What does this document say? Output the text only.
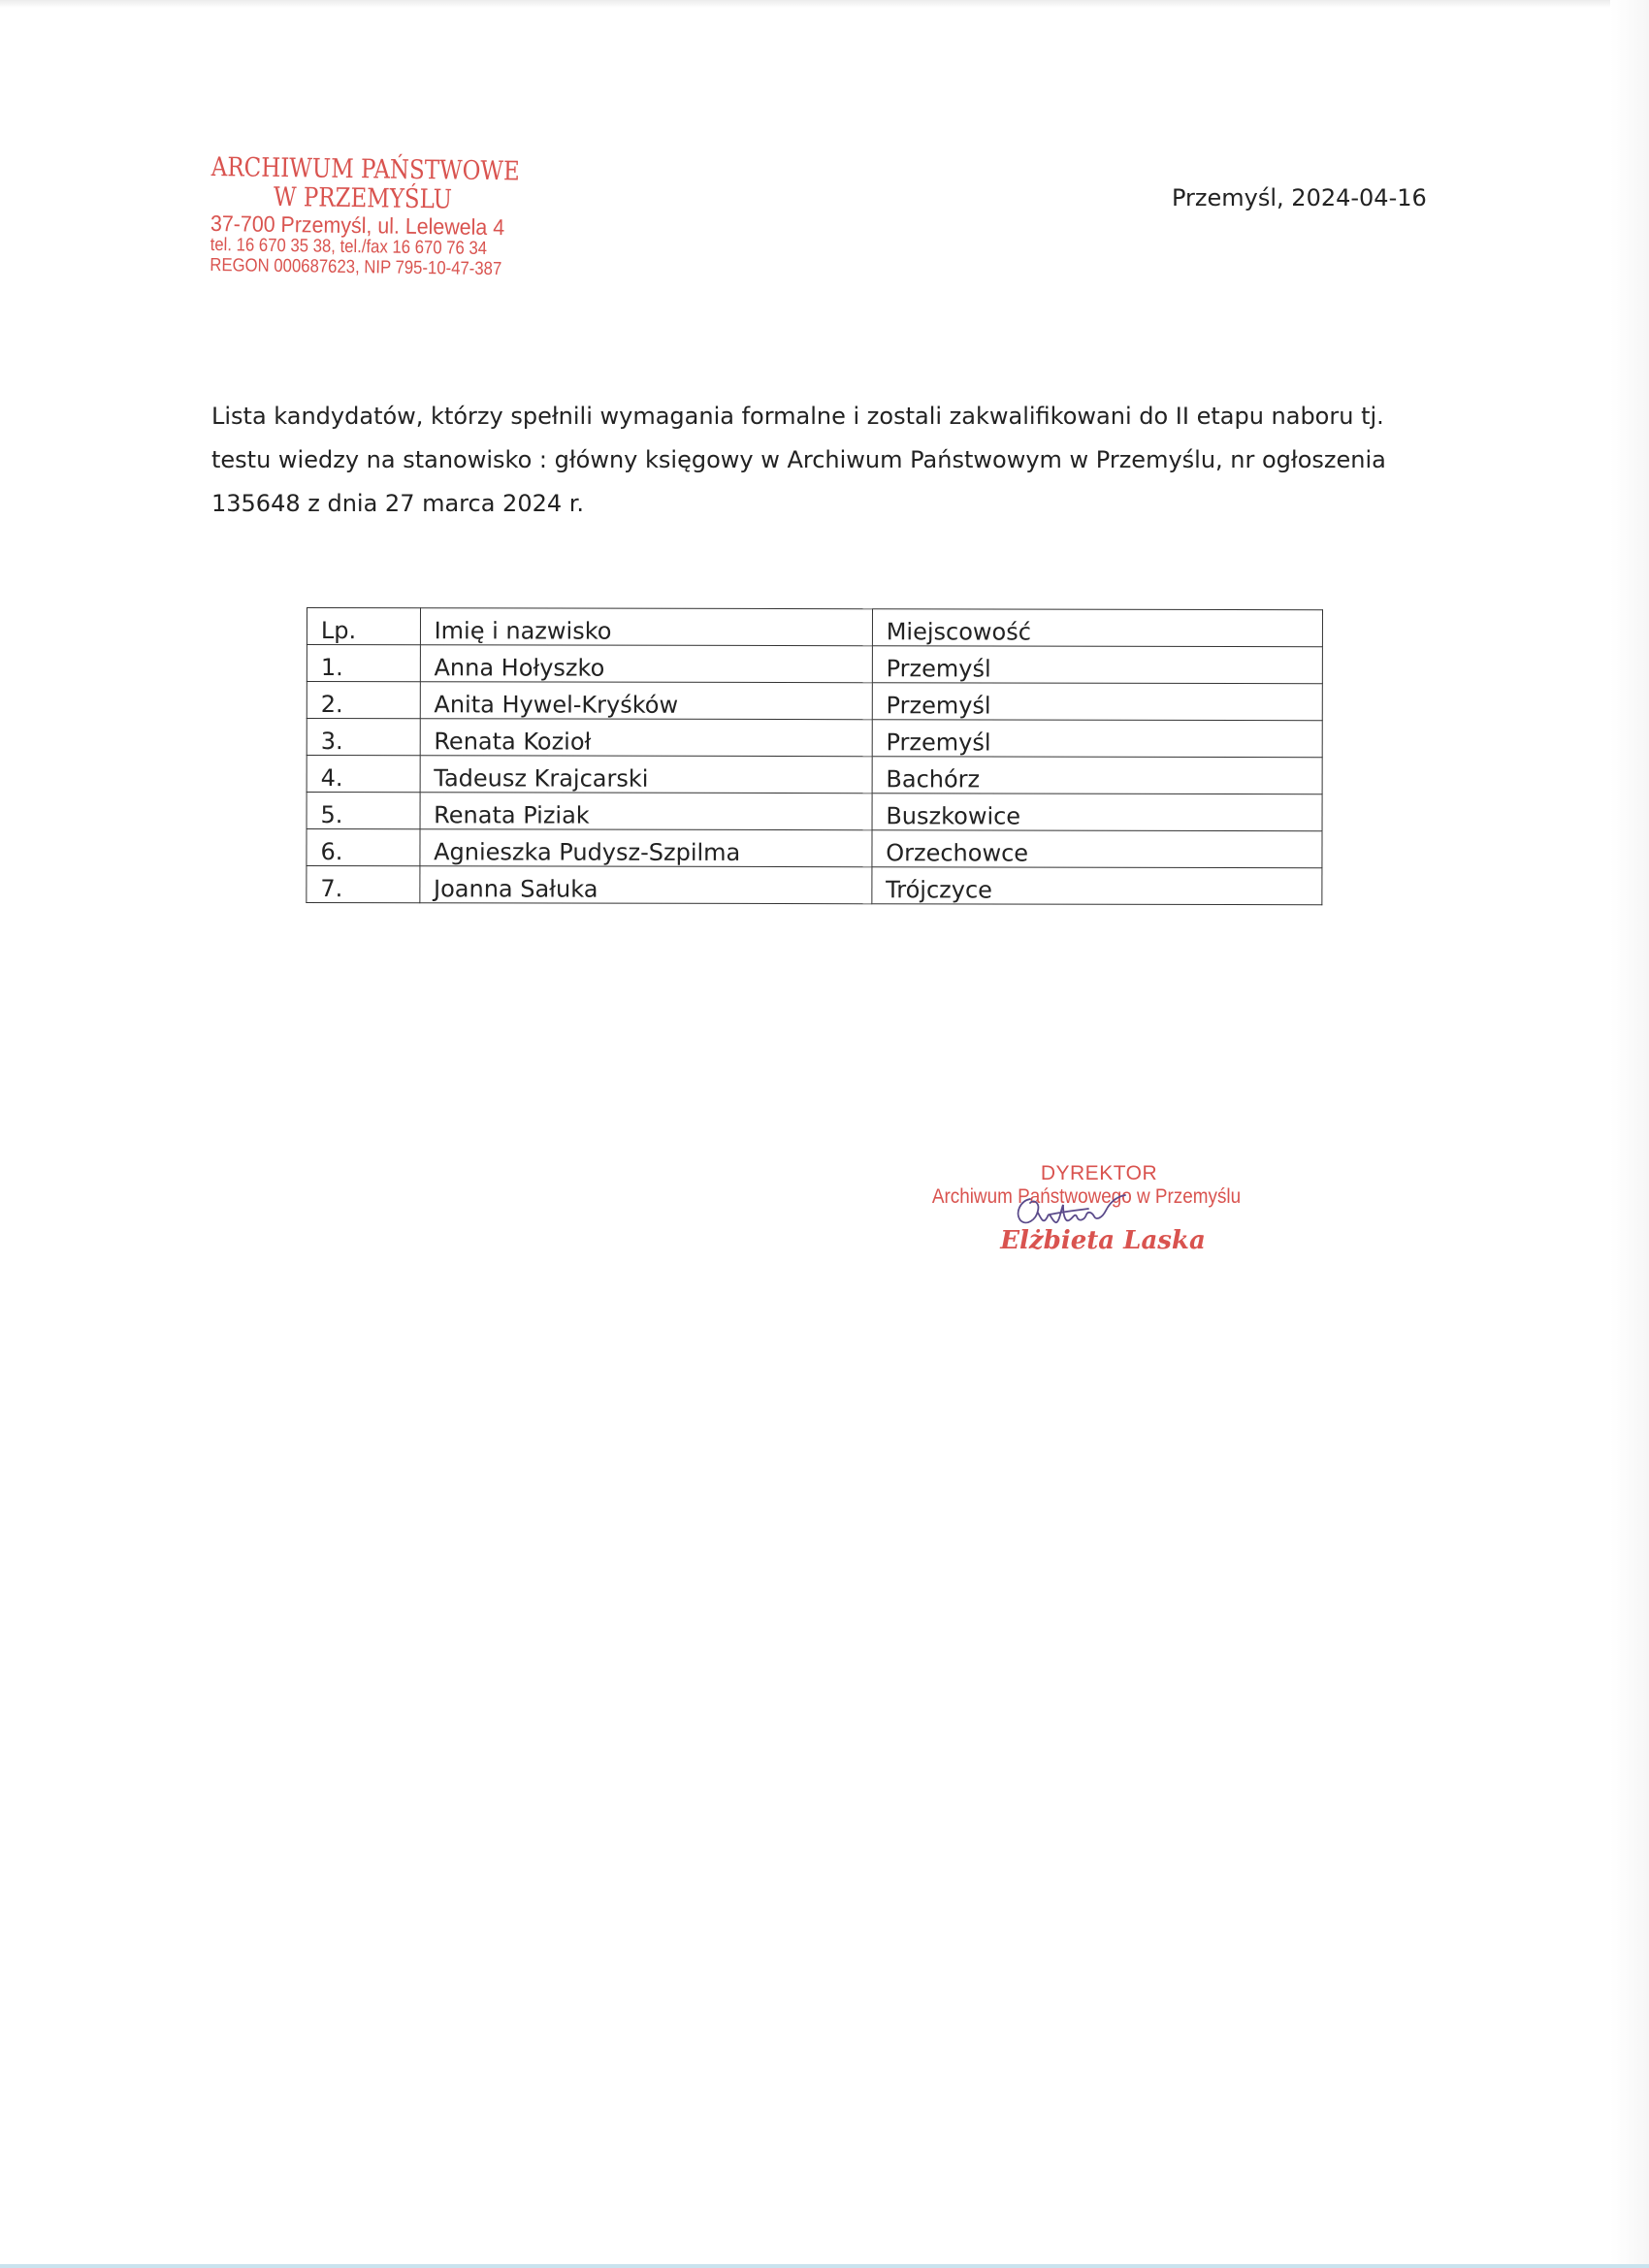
ARCHIWUM PAŃSTWOWE
W PRZEMYŚLU
37-700 Przemyśl, ul. Lelewela 4
tel. 16 670 35 38, tel./fax 16 670 76 34
REGON 000687623, NIP 795-10-47-387
Przemyśl, 2024-04-16

Lista kandydatów, którzy spełnili wymagania formalne i zostali zakwalifikowani do II etapu naboru tj.

testu wiedzy na stanowisko : główny księgowy w Archiwum Państwowym w Przemyślu, nr ogłoszenia

135648 z dnia 27 marca 2024 r.

Lp.	Imię i nazwisko	Miejscowość
1.	Anna Hołyszko	Przemyśl
2.	Anita Hywel-Kryśków	Przemyśl
3.	Renata Kozioł	Przemyśl
4.	Tadeusz Krajcarski	Bachórz
5.	Renata Piziak	Buszkowice
6.	Agnieszka Pudysz-Szpilma	Orzechowce
7.	Joanna Sałuka	Trójczyce
DYREKTOR
Archiwum Państwowego w Przemyślu
Elżbieta Laska
